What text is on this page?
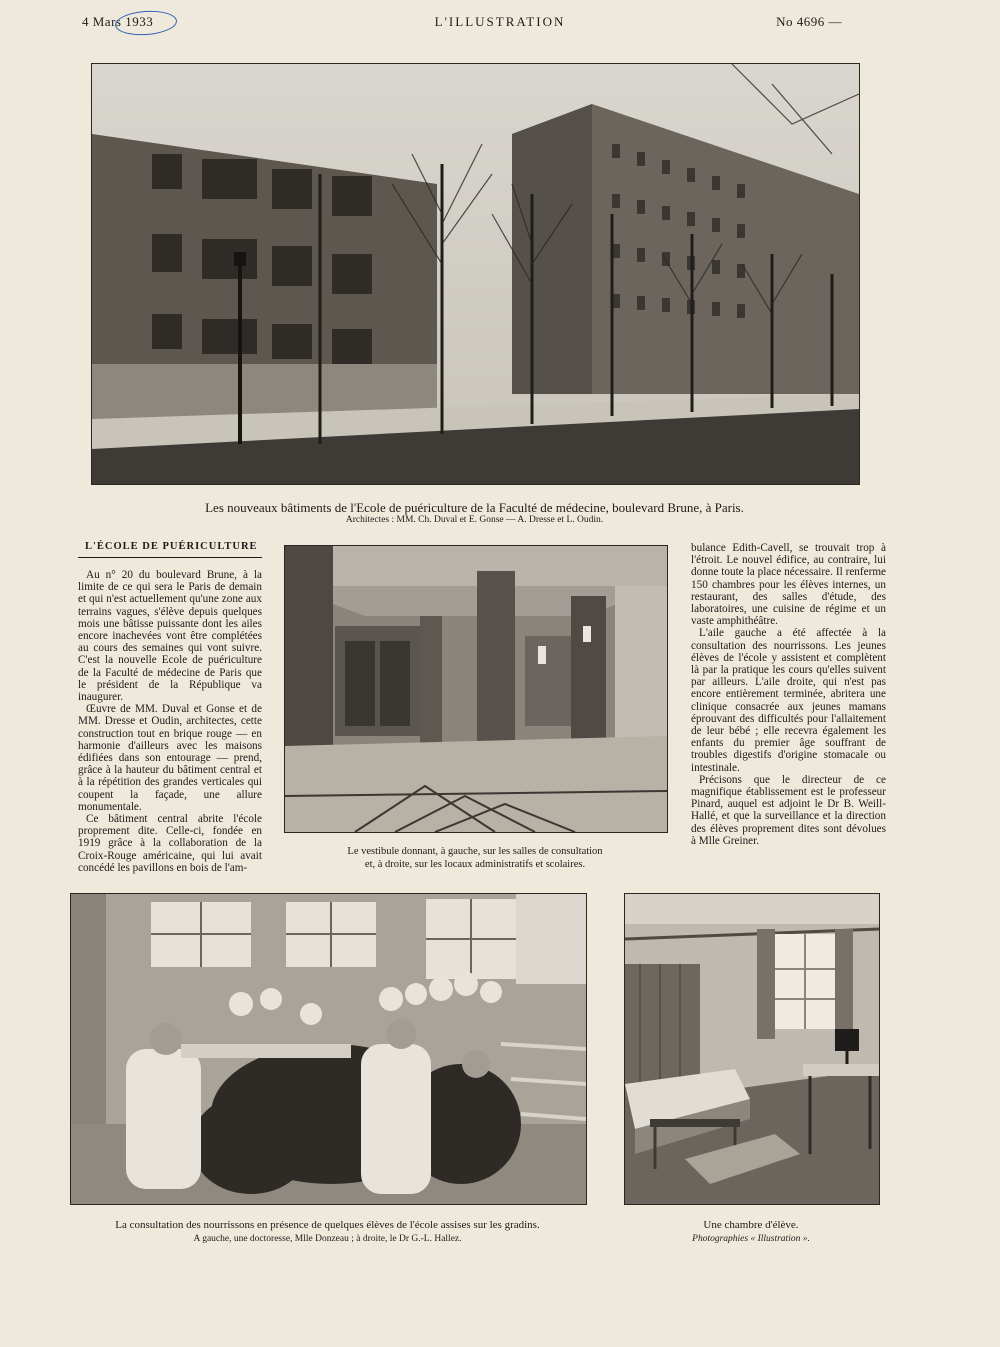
4 Mars 1933	L'ILLUSTRATION	No 4696 —
Les nouveaux bâtiments de l'Ecole de puériculture de la Faculté de médecine, boulevard Brune, à Paris.
Architectes : MM. Ch. Duval et E. Gonse — A. Dresse et L. Oudin.
L'ÉCOLE DE PUÉRICULTURE

Au n° 20 du boulevard Brune, à la limite de ce qui sera le Paris de demain et qui n'est actuellement qu'une zone aux terrains vagues, s'élève depuis quelques mois une bâtisse puissante dont les ailes encore inachevées vont être complétées au cours des semaines qui vont suivre. C'est la nouvelle Ecole de puériculture de la Faculté de médecine de Paris que le président de la République va inaugurer.

Œuvre de MM. Duval et Gonse et de MM. Dresse et Oudin, architectes, cette construction tout en brique rouge — en harmonie d'ailleurs avec les maisons édifiées dans son entourage — prend, grâce à la hauteur du bâtiment central et à la répétition des grandes verticales qui coupent la façade, une allure monumentale.

Ce bâtiment central abrite l'école proprement dite. Celle-ci, fondée en 1919 grâce à la collaboration de la Croix-Rouge américaine, qui lui avait concédé les pavillons en bois de l'am-

Le vestibule donnant, à gauche, sur les salles de consultation
et, à droite, sur les locaux administratifs et scolaires.

bulance Edith-Cavell, se trouvait trop à l'étroit. Le nouvel édifice, au contraire, lui donne toute la place nécessaire. Il renferme 150 chambres pour les élèves internes, un restaurant, des salles d'étude, des laboratoires, une cuisine de régime et un vaste amphithéâtre.

L'aile gauche a été affectée à la consultation des nourrissons. Les jeunes élèves de l'école y assistent et complètent là par la pratique les cours qu'elles suivent par ailleurs. L'aile droite, qui n'est pas encore entièrement terminée, abritera une clinique consacrée aux jeunes mamans éprouvant des difficultés pour l'allaitement de leur bébé ; elle recevra également les enfants du premier âge souffrant de troubles digestifs d'origine stomacale ou intestinale.

Précisons que le directeur de ce magnifique établissement est le professeur Pinard, auquel est adjoint le Dr B. Weill-Hallé, et que la surveillance et la direction des élèves proprement dites sont dévolues à Mlle Greiner.

La consultation des nourrissons en présence de quelques élèves de l'école assises sur les gradins.
A gauche, une doctoresse, Mlle Donzeau ; à droite, le Dr G.-L. Hallez.
Une chambre d'élève.
Photographies « Illustration ».
